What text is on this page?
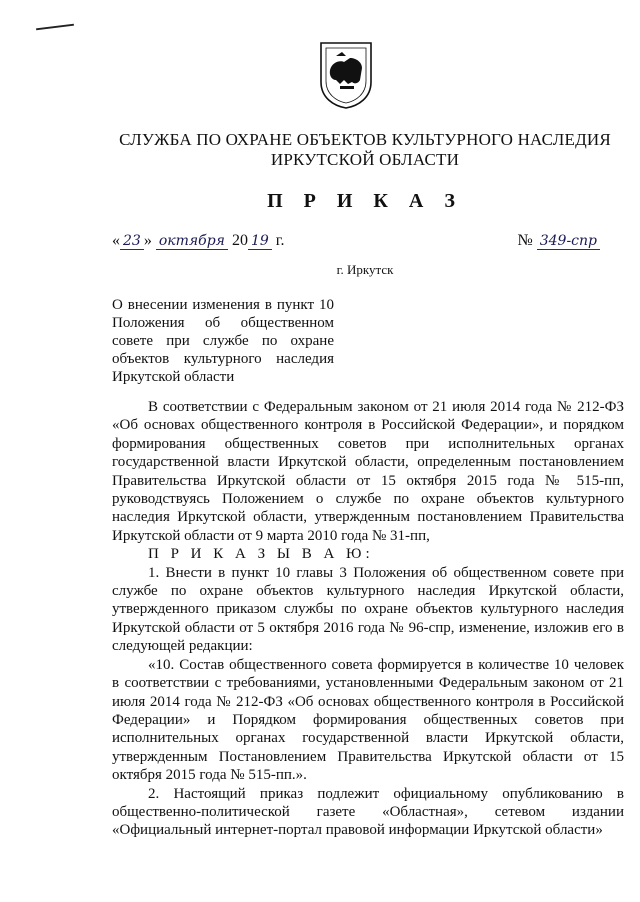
СЛУЖБА ПО ОХРАНЕ ОБЪЕКТОВ КУЛЬТУРНОГО НАСЛЕДИЯ
ИРКУТСКОЙ ОБЛАСТИ
П Р И К А З
« 23 » октября 20 19 г.	№ 349-спр
г. Иркутск
О внесении изменения в пункт 10 Положения об общественном совете при службе по охране объектов культурного наследия Иркутской области

В соответствии с Федеральным законом от 21 июля 2014 года № 212-ФЗ «Об основах общественного контроля в Российской Федерации», и порядком формирования общественных советов при исполнительных органах государственной власти Иркутской области, определенным постановлением Правительства Иркутской области от 15 октября 2015 года № 515-пп, руководствуясь Положением о службе по охране объектов культурного наследия Иркутской области, утвержденным постановлением Правительства Иркутской области от 9 марта 2010 года № 31-пп,

П Р И К А З Ы В А Ю:

1. Внести в пункт 10 главы 3 Положения об общественном совете при службе по охране объектов культурного наследия Иркутской области, утвержденного приказом службы по охране объектов культурного наследия Иркутской области от 5 октября 2016 года № 96-спр, изменение, изложив его в следующей редакции:

«10. Состав общественного совета формируется в количестве 10 человек в соответствии с требованиями, установленными Федеральным законом от 21 июля 2014 года № 212-ФЗ «Об основах общественного контроля в Российской Федерации» и Порядком формирования общественных советов при исполнительных органах государственной власти Иркутской области, утвержденным Постановлением Правительства Иркутской области от 15 октября 2015 года № 515-пп.».

2. Настоящий приказ подлежит официальному опубликованию в общественно-политической газете «Областная», сетевом издании «Официальный интернет-портал правовой информации Иркутской области»
